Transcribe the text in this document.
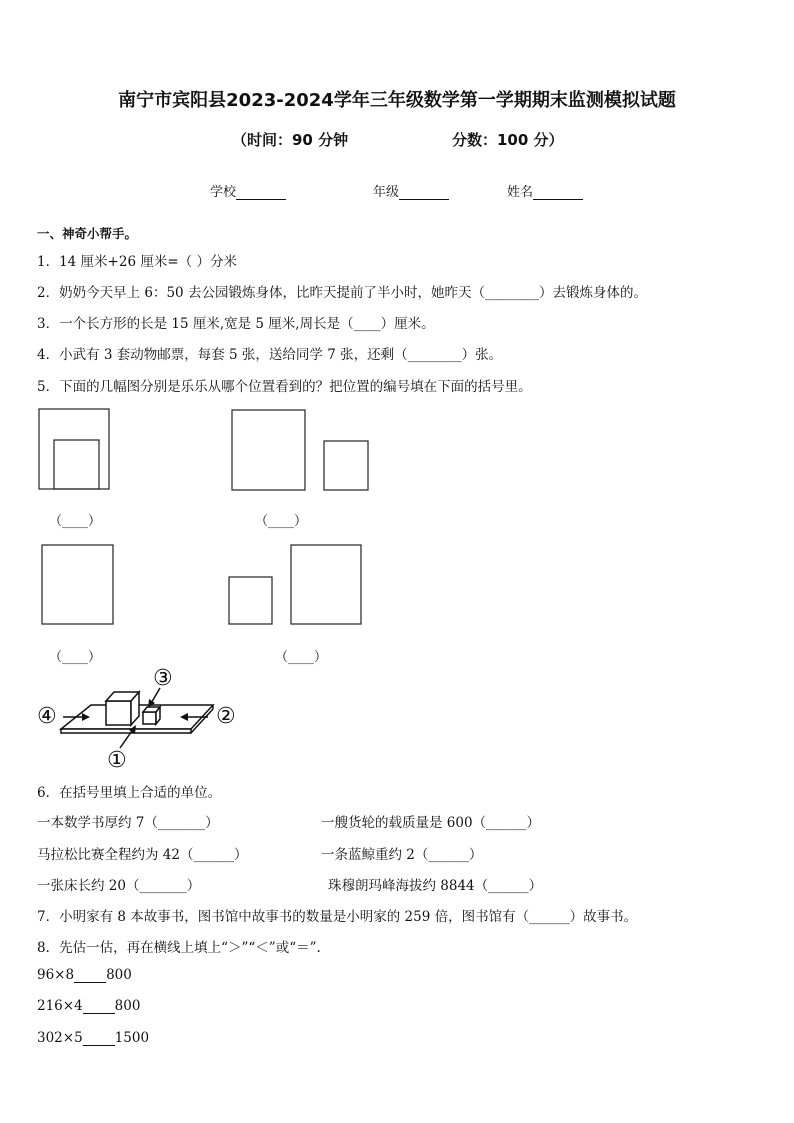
南宁市宾阳县2023-2024学年三年级数学第一学期期末监测模拟试题
（时间：90 分钟	分数：100 分）
学校	年级	姓名
一、神奇小帮手。
1．14 厘米+26 厘米=（ ）分米
2．奶奶今天早上 6：50 去公园锻炼身体，比昨天提前了半小时，她昨天（________）去锻炼身体的。
3．一个长方形的长是 15 厘米,宽是 5 厘米,周长是（____）厘米。
4．小武有 3 套动物邮票，每套 5 张，送给同学 7 张，还剩（________）张。
5．下面的几幅图分别是乐乐从哪个位置看到的？把位置的编号填在下面的括号里。
（____）	（____）
（____）	（____）
④	②
③
①
6．在括号里填上合适的单位。
一本数学书厚约 7（_______）	一艘货轮的载质量是 600（______）
马拉松比赛全程约为 42（______）	一条蓝鲸重约 2（______）
一张床长约 20（_______）	珠穆朗玛峰海拔约 8844（______）
7．小明家有 8 本故事书，图书馆中故事书的数量是小明家的 259 倍，图书馆有（______）故事书。
8．先估一估，再在横线上填上“＞”“＜”或“＝”.
96×8 800
216×4 800
302×5 1500
